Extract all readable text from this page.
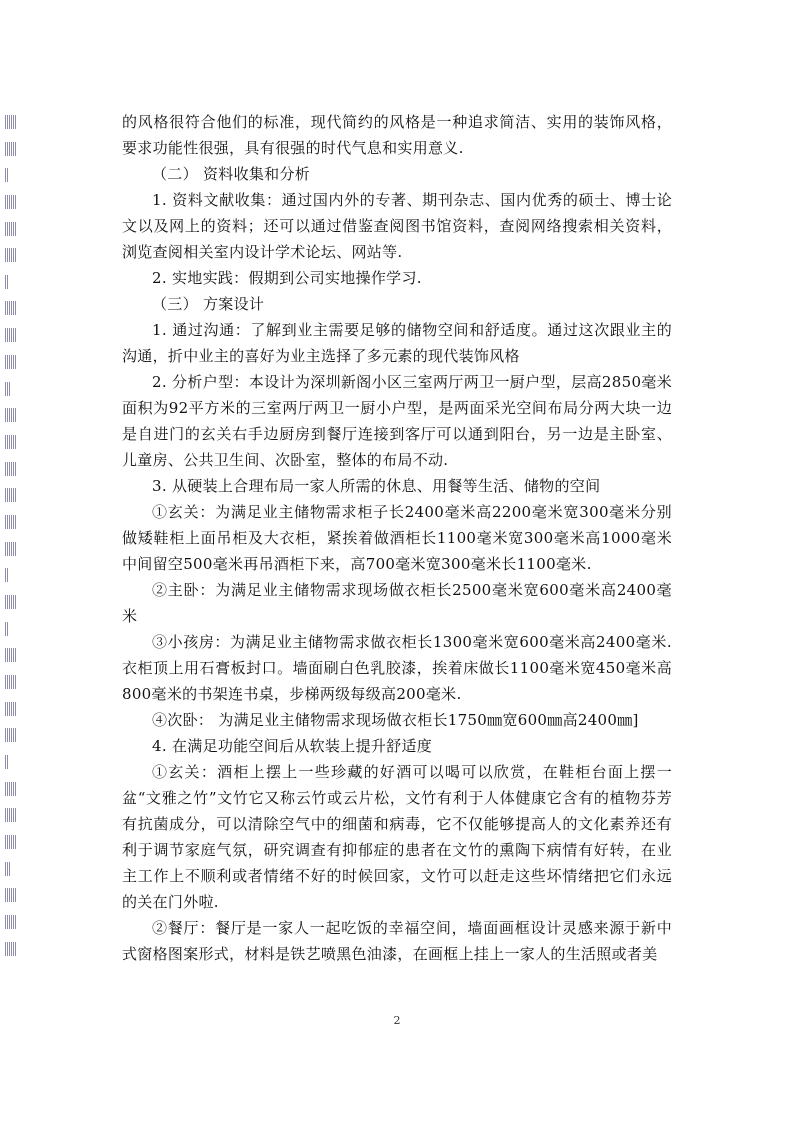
的风格很符合他们的标准，现代简约的风格是一种追求简洁、实用的装饰风格，要求功能性很强，具有很强的时代气息和实用意义.

（二） 资料收集和分析

1. 资料文献收集：通过国内外的专著、期刊杂志、国内优秀的硕士、博士论文以及网上的资料；还可以通过借鉴查阅图书馆资料，查阅网络搜索相关资料，浏览查阅相关室内设计学术论坛、网站等.

2. 实地实践：假期到公司实地操作学习.

（三） 方案设计

1. 通过沟通：了解到业主需要足够的储物空间和舒适度。通过这次跟业主的沟通，折中业主的喜好为业主选择了多元素的现代装饰风格

2. 分析户型：本设计为深圳新阁小区三室两厅两卫一厨户型，层高2850毫米面积为92平方米的三室两厅两卫一厨小户型，是两面采光空间布局分两大块一边是自进门的玄关右手边厨房到餐厅连接到客厅可以通到阳台，另一边是主卧室、儿童房、公共卫生间、次卧室，整体的布局不动.

3. 从硬装上合理布局一家人所需的休息、用餐等生活、储物的空间

①玄关：为满足业主储物需求柜子长2400毫米高2200毫米宽300毫米分别做矮鞋柜上面吊柜及大衣柜，紧挨着做酒柜长1100毫米宽300毫米高1000毫米中间留空500毫米再吊酒柜下来，高700毫米宽300毫米长1100毫米.

②主卧：为满足业主储物需求现场做衣柜长2500毫米宽600毫米高2400毫米

③小孩房：为满足业主储物需求做衣柜长1300毫米宽600毫米高2400毫米.衣柜顶上用石膏板封口。墙面刷白色乳胶漆，挨着床做长1100毫米宽450毫米高800毫米的书架连书桌，步梯两级每级高200毫米.

④次卧： 为满足业主储物需求现场做衣柜长1750㎜宽600㎜高2400㎜]

4. 在满足功能空间后从软装上提升舒适度

①玄关：酒柜上摆上一些珍藏的好酒可以喝可以欣赏，在鞋柜台面上摆一盆“文雅之竹”文竹它又称云竹或云片松，文竹有利于人体健康它含有的植物芬芳有抗菌成分，可以清除空气中的细菌和病毒，它不仅能够提高人的文化素养还有利于调节家庭气氛，研究调查有抑郁症的患者在文竹的熏陶下病情有好转，在业主工作上不顺利或者情绪不好的时候回家，文竹可以赶走这些坏情绪把它们永远的关在门外啦.

②餐厅：餐厅是一家人一起吃饭的幸福空间，墙面画框设计灵感来源于新中式窗格图案形式，材料是铁艺喷黑色油漆，在画框上挂上一家人的生活照或者美

2
